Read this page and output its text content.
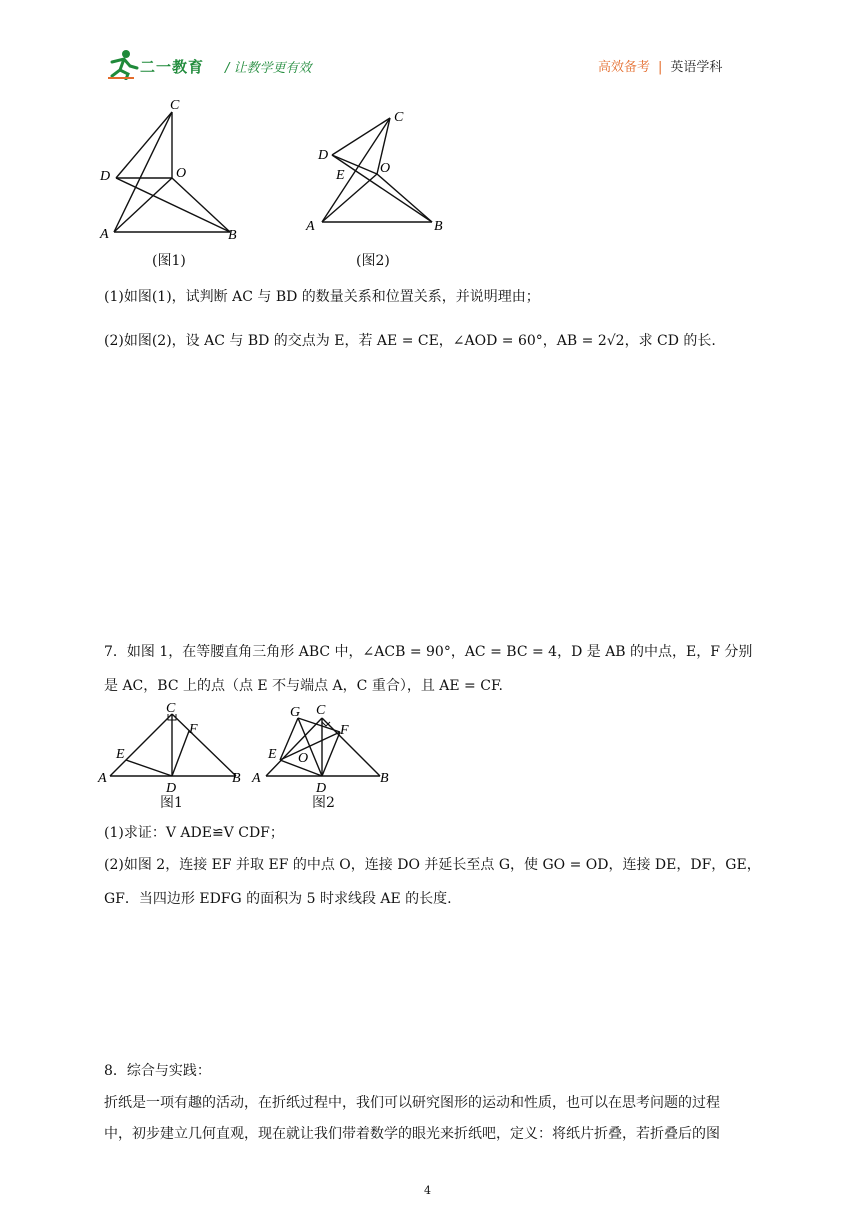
二一教育 / 让教学更有效	高效备考 | 英语学科
C
D	O
A	B
(图1)
C
D
O
E
A	B
(图2)
(1)如图(1)，试判断 AC 与 BD 的数量关系和位置关系，并说明理由；
(2)如图(2)，设 AC 与 BD 的交点为 E，若 AE = CE，∠AOD = 60°，AB = 2√2，求 CD 的长.
7．如图 1，在等腰直角三角形 ABC 中，∠ACB = 90°，AC = BC = 4，D 是 AB 的中点，E，F 分别
是 AC，BC 上的点（点 E 不与端点 A，C 重合），且 AE = CF.
C
F
E
A
D
B
图1
G C
F
E O
A
D
B
图2
(1)求证：V ADE≌V CDF；
(2)如图 2，连接 EF 并取 EF 的中点 O，连接 DO 并延长至点 G，使 GO = OD，连接 DE，DF，GE，
GF．当四边形 EDFG 的面积为 5 时求线段 AE 的长度.
8．综合与实践：
折纸是一项有趣的活动，在折纸过程中，我们可以研究图形的运动和性质，也可以在思考问题的过程
中，初步建立几何直观，现在就让我们带着数学的眼光来折纸吧，定义：将纸片折叠，若折叠后的图
4
